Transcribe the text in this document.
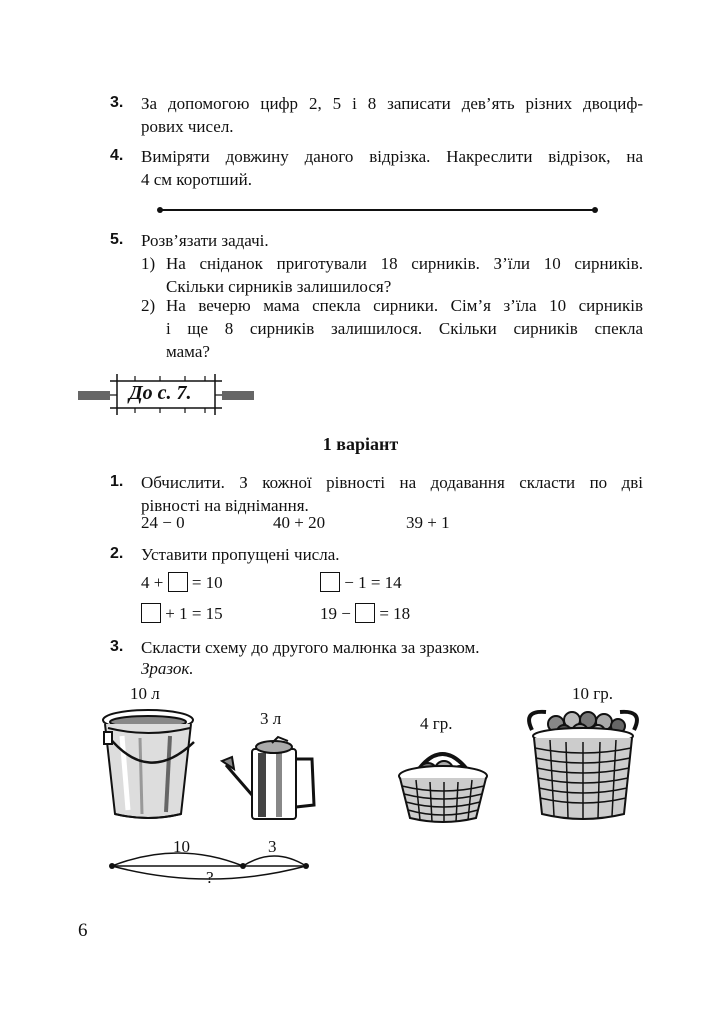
3. За допомогою цифр 2, 5 і 8 записати дев’ять різних двоциф-
рових чисел.
4. Виміряти довжину даного відрізка. Накреслити відрізок, на
4 см коротший.
5. Розв’язати задачі.
1) На сніданок приготували 18 сирників. З’їли 10 сирників.
Скільки сирників залишилося?
2) На вечерю мама спекла сирники. Сім’я з’їла 10 сирників
і ще 8 сирників залишилося. Скільки сирників спекла
мама?
До с. 7.
1 варіант
1. Обчислити. З кожної рівності на додавання скласти по дві
рівності на віднімання.
24 − 0	40 + 20	39 + 1
2. Уставити пропущені числа.
4 + = 10	− 1 = 14
+ 1 = 15	19 − = 18
3. Скласти схему до другого малюнка за зразком.
Зразок.
10 л
3 л	4 гр.
10 гр.
10	3
?
6
